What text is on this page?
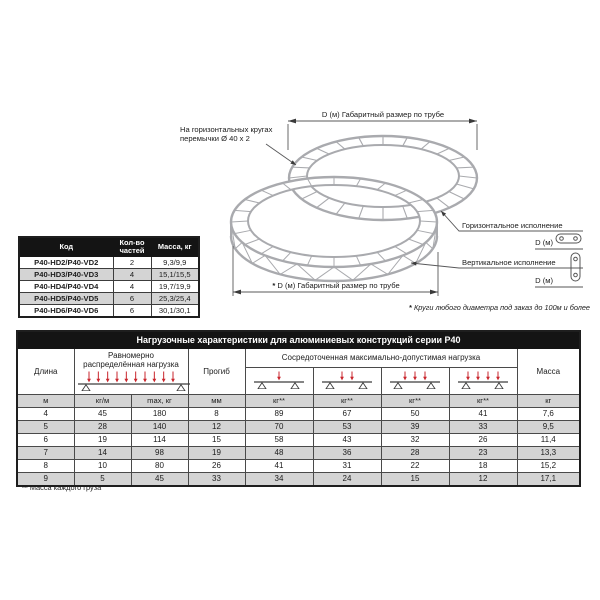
D (м) Габаритный размер по трубе
* D (м) Габаритный размер по трубе
На горизонтальных кругах
перемычки Ø 40 x 2
Горизонтальное исполнение
D (м)
Вертикальное исполнение
D (м)
* Круги любого диаметра под заказ до 100м и более
Код	Кол-во частей	Масса, кг
P40-HD2/P40-VD2	2	9,3/9,9
P40-HD3/P40-VD3	4	15,1/15,5
P40-HD4/P40-VD4	4	19,7/19,9
P40-HD5/P40-VD5	6	25,3/25,4
P40-HD6/P40-VD6	6	30,1/30,1
Нагрузочные характеристики для алюминиевых конструкций серии Р40								
Длина	Равномерно распределённая нагрузка		Прогиб	Сосредоточенная максимально-допустимая нагрузка				Масса

м	кг/м	max, кг	мм	кг**	кг**	кг**	кг**	кг
4	45	180	8	89	67	50	41	7,6
5	28	140	12	70	53	39	33	9,5
6	19	114	15	58	43	32	26	11,4
7	14	98	19	48	36	28	23	13,3
8	10	80	26	41	31	22	18	15,2
9	5	45	33	34	24	15	12	17,1
** Масса каждого груза
